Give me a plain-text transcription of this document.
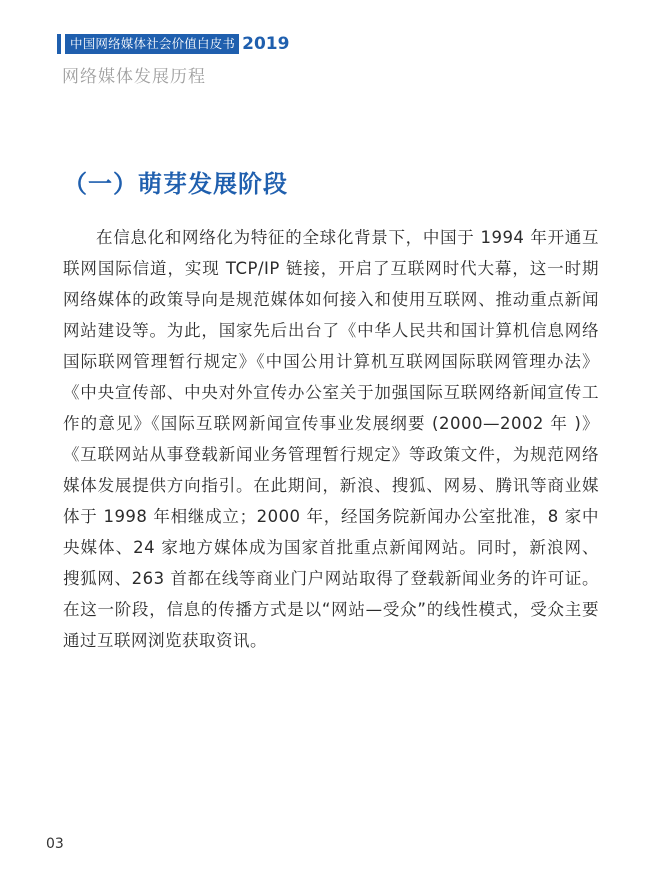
中国网络媒体社会价值白皮书 2019
网络媒体发展历程
（一）萌芽发展阶段

在信息化和网络化为特征的全球化背景下，中国于 1994 年开通互联网国际信道，实现 TCP/IP 链接，开启了互联网时代大幕，这一时期网络媒体的政策导向是规范媒体如何接入和使用互联网、推动重点新闻网站建设等。为此，国家先后出台了《中华人民共和国计算机信息网络国际联网管理暂行规定》《中国公用计算机互联网国际联网管理办法》《中央宣传部、中央对外宣传办公室关于加强国际互联网络新闻宣传工作的意见》《国际互联网新闻宣传事业发展纲要 (2000—2002 年 )》《互联网站从事登载新闻业务管理暂行规定》等政策文件，为规范网络媒体发展提供方向指引。在此期间，新浪、搜狐、网易、腾讯等商业媒体于 1998 年相继成立；2000 年，经国务院新闻办公室批准，8 家中央媒体、24 家地方媒体成为国家首批重点新闻网站。同时，新浪网、搜狐网、263 首都在线等商业门户网站取得了登载新闻业务的许可证。在这一阶段，信息的传播方式是以“网站—受众”的线性模式，受众主要通过互联网浏览获取资讯。

03
